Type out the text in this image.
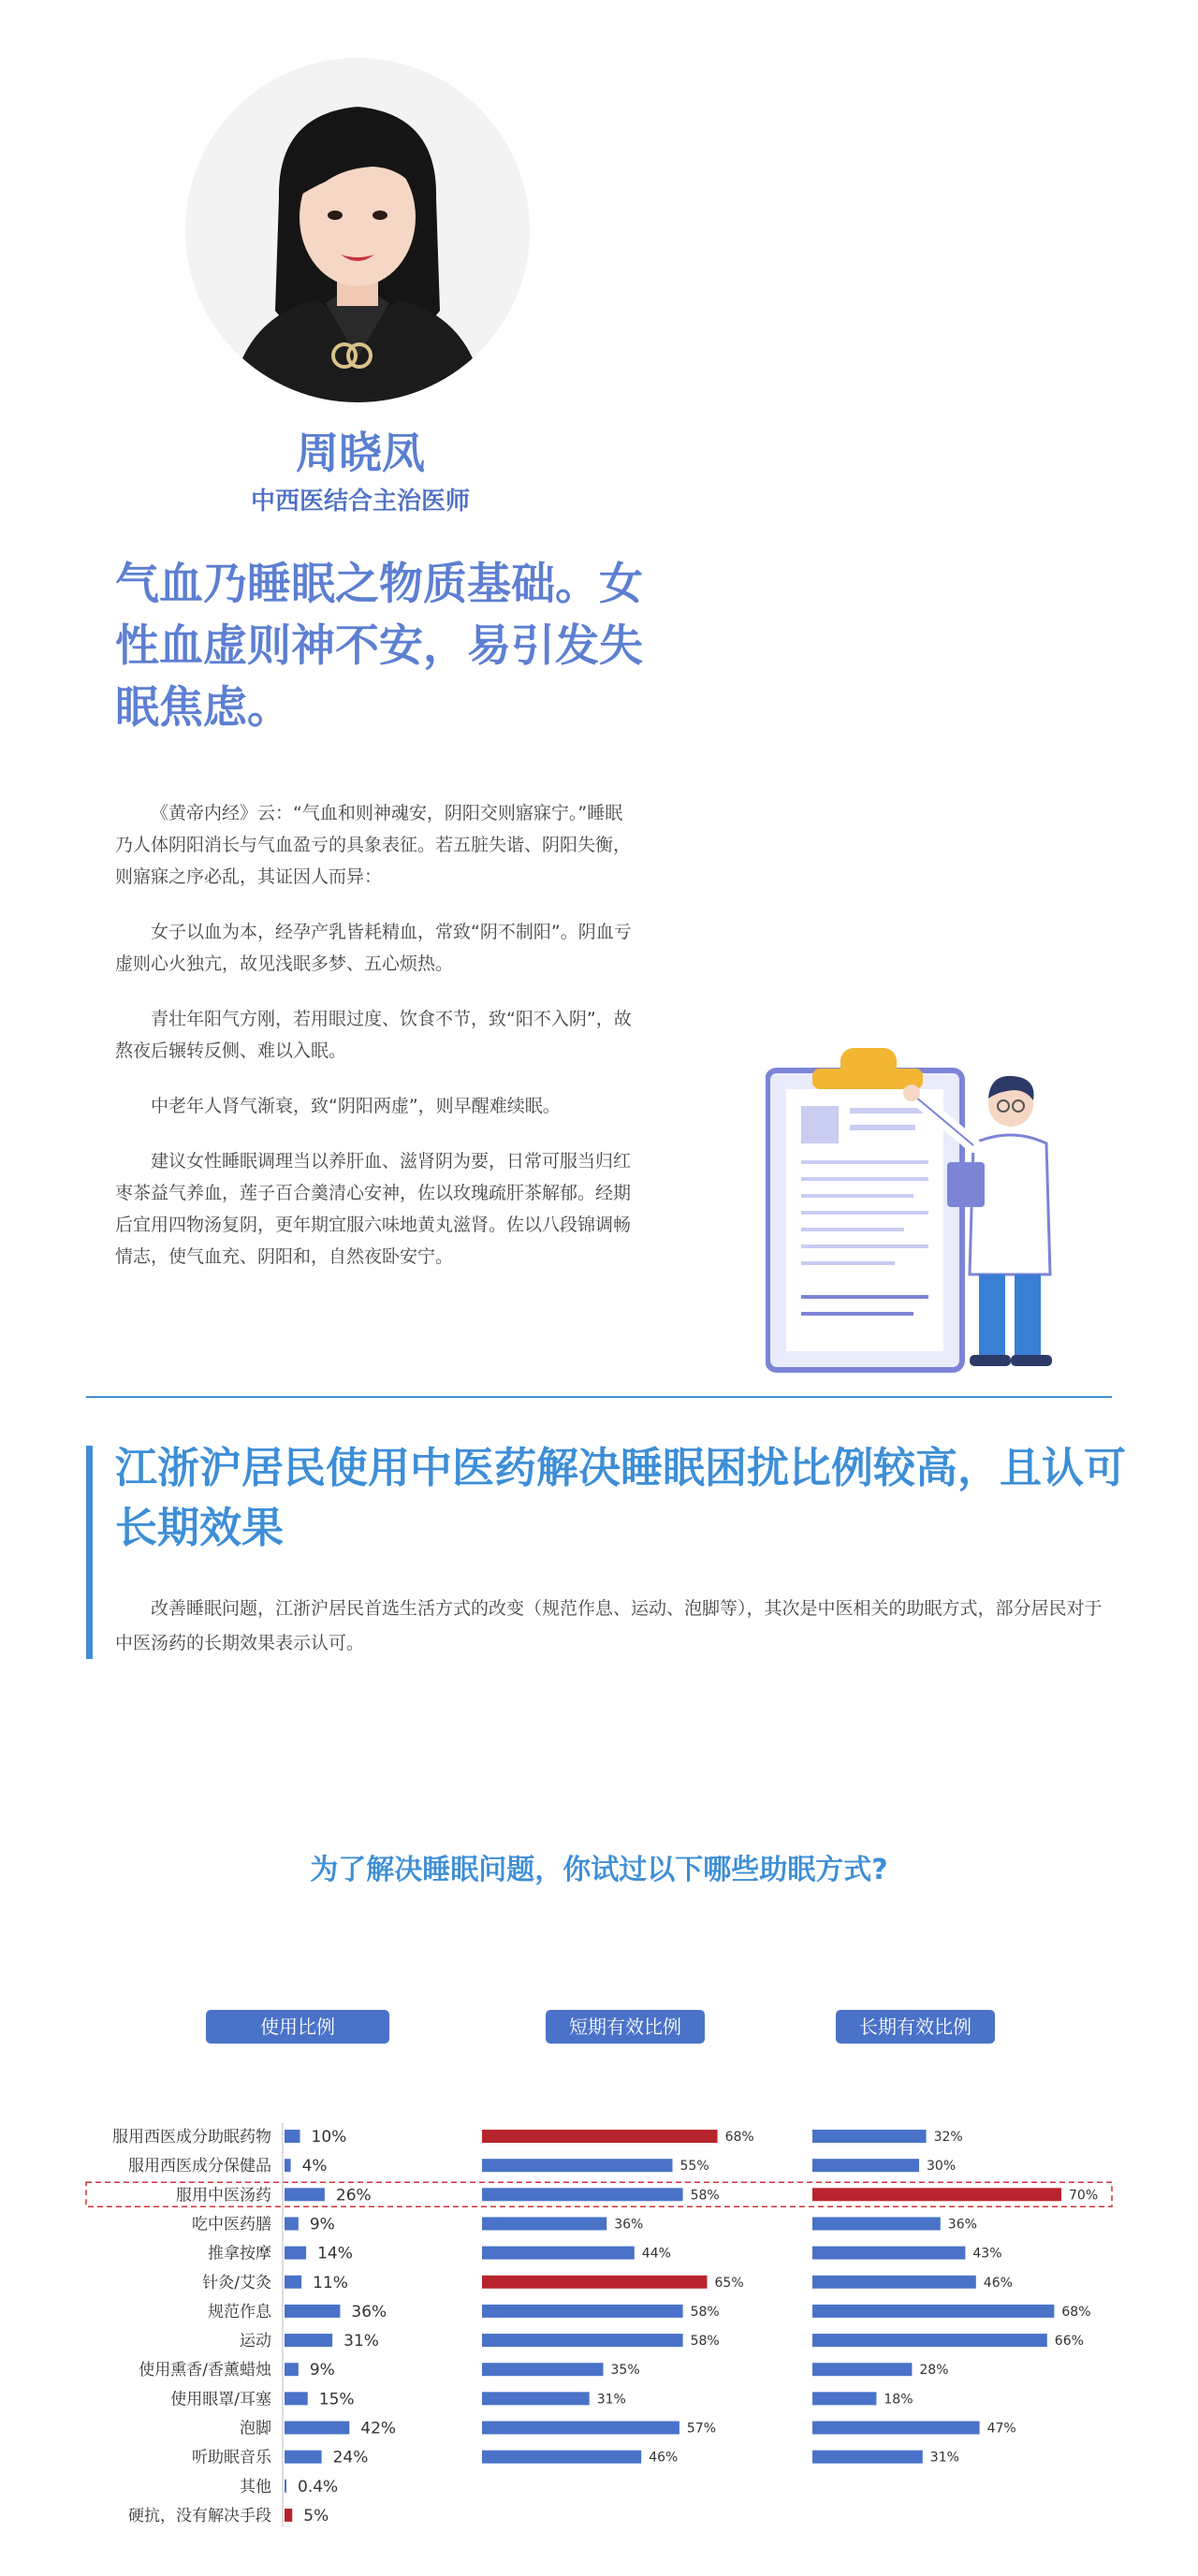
周晓凤
中西医结合主治医师
气血乃睡眠之物质基础。女性血虚则神不安，易引发失眠焦虑。

《黄帝内经》云：“气血和则神魂安，阴阳交则寤寐宁。”睡眠乃人体阴阳消长与气血盈亏的具象表征。若五脏失谐、阴阳失衡，则寤寐之序必乱，其证因人而异：

女子以血为本，经孕产乳皆耗精血，常致“阴不制阳”。阴血亏虚则心火独亢，故见浅眠多梦、五心烦热。

青壮年阳气方刚，若用眼过度、饮食不节，致“阳不入阴”，故熬夜后辗转反侧、难以入眠。

中老年人肾气渐衰，致“阴阳两虚”，则早醒难续眠。

建议女性睡眠调理当以养肝血、滋肾阴为要，日常可服当归红枣茶益气养血，莲子百合羹清心安神，佐以玫瑰疏肝茶解郁。经期后宜用四物汤复阴，更年期宜服六味地黄丸滋肾。佐以八段锦调畅情志，使气血充、阴阳和，自然夜卧安宁。

江浙沪居民使用中医药解决睡眠困扰比例较高，且认可长期效果

改善睡眠问题，江浙沪居民首选生活方式的改变（规范作息、运动、泡脚等），其次是中医相关的助眠方式，部分居民对于中医汤药的长期效果表示认可。

为了解决睡眠问题，你试过以下哪些助眠方式?
使用比例	短期有效比例	长期有效比例
服用西医成分助眠药物
服用西医成分保健品
服用中医汤药
吃中医药膳
推拿按摩
针灸/艾灸
规范作息
运动
使用熏香/香薰蜡烛
使用眼罩/耳塞
泡脚
听助眠音乐
其他
硬抗，没有解决手段
10%
4%
26%
9%
14%
11%
36%
31%
9%
15%
42%
24%
0.4%
5%
68%
55%
58%
36%
44%
65%
58%
58%
35%
31%
57%
46%
32%
30%
70%
36%
43%
46%
68%
66%
28%
18%
47%
31%
